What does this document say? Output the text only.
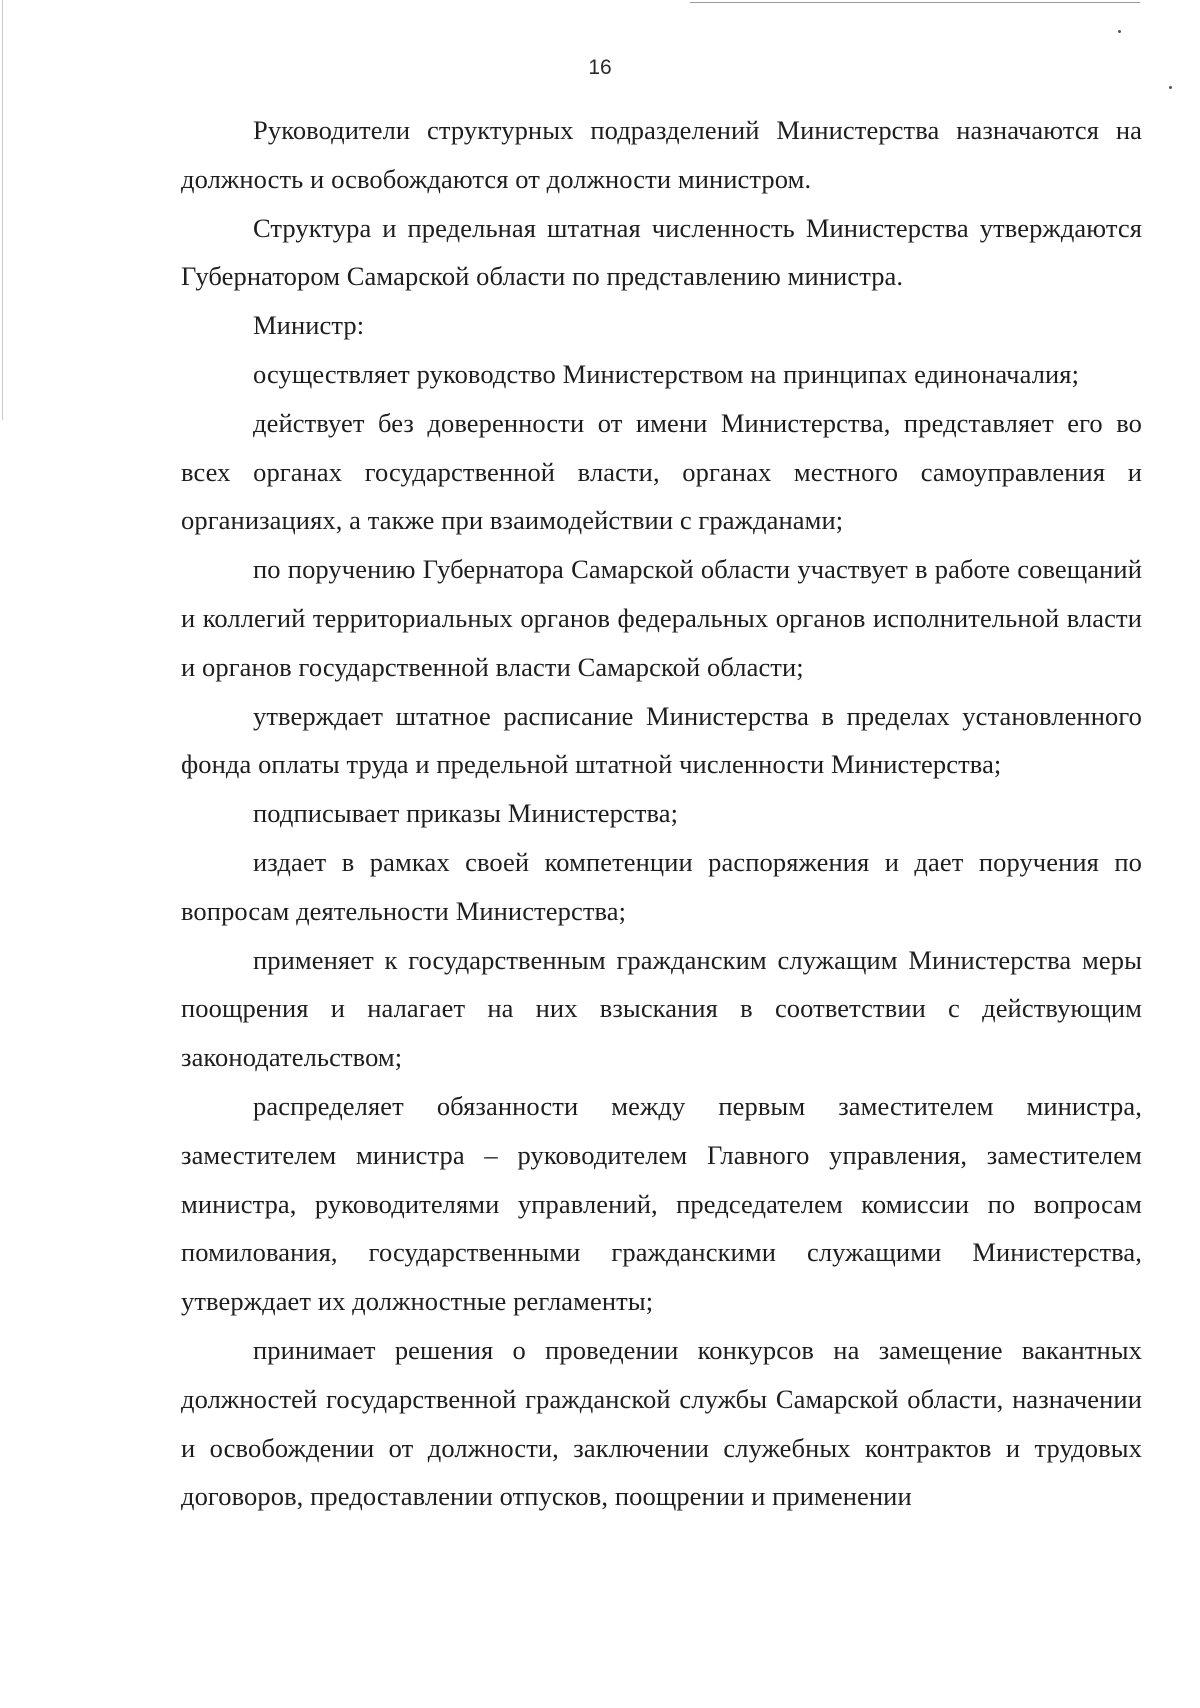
16

Руководители структурных подразделений Министерства назначаются на должность и освобождаются от должности министром.

Структура и предельная штатная численность Министерства утверждаются Губернатором Самарской области по представлению министра.

Министр:

осуществляет руководство Министерством на принципах единоначалия;

действует без доверенности от имени Министерства, представляет его во всех органах государственной власти, органах местного самоуправления и организациях, а также при взаимодействии с гражданами;

по поручению Губернатора Самарской области участвует в работе совещаний и коллегий территориальных органов федеральных органов исполнительной власти и органов государственной власти Самарской области;

утверждает штатное расписание Министерства в пределах установленного фонда оплаты труда и предельной штатной численности Министерства;

подписывает приказы Министерства;

издает в рамках своей компетенции распоряжения и дает поручения по вопросам деятельности Министерства;

применяет к государственным гражданским служащим Министерства меры поощрения и налагает на них взыскания в соответствии с действующим законодательством;

распределяет обязанности между первым заместителем министра, заместителем министра – руководителем Главного управления, заместителем министра, руководителями управлений, председателем комиссии по вопросам помилования, государственными гражданскими служащими Министерства, утверждает их должностные регламенты;

принимает решения о проведении конкурсов на замещение вакантных должностей государственной гражданской службы Самарской области, назначении и освобождении от должности, заключении служебных контрактов и трудовых договоров, предоставлении отпусков, поощрении и применении
